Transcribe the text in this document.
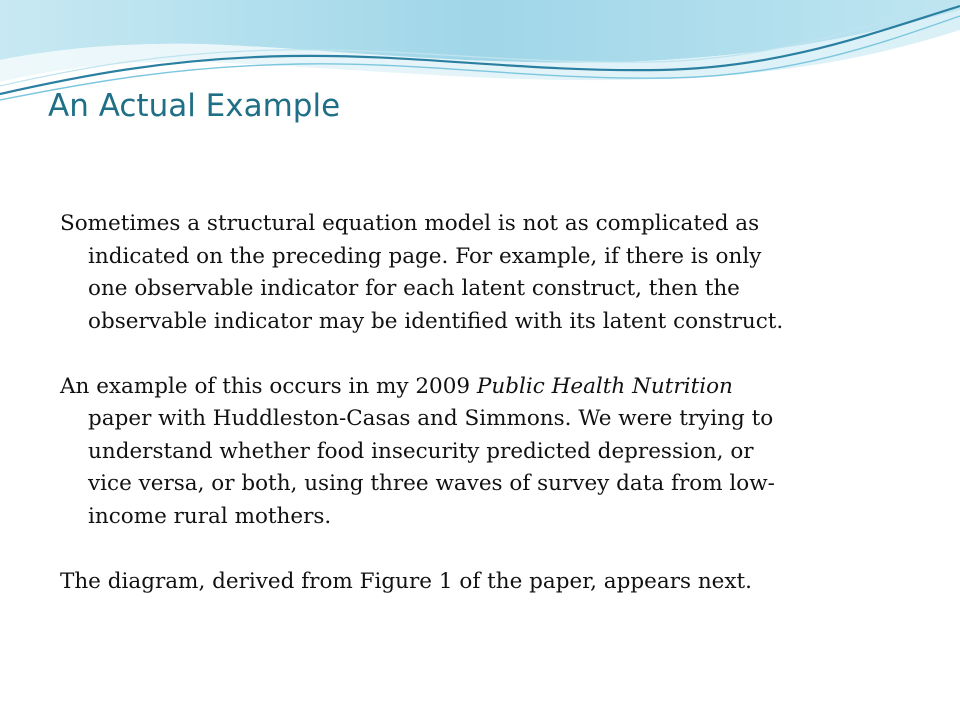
An Actual Example

Sometimes a structural equation model is not as complicated as
indicated on the preceding page. For example, if there is only
one observable indicator for each latent construct, then the
observable indicator may be identified with its latent construct.

An example of this occurs in my 2009 Public Health Nutrition
paper with Huddleston-Casas and Simmons. We were trying to
understand whether food insecurity predicted depression, or
vice versa, or both, using three waves of survey data from low-
income rural mothers.

The diagram, derived from Figure 1 of the paper, appears next.
